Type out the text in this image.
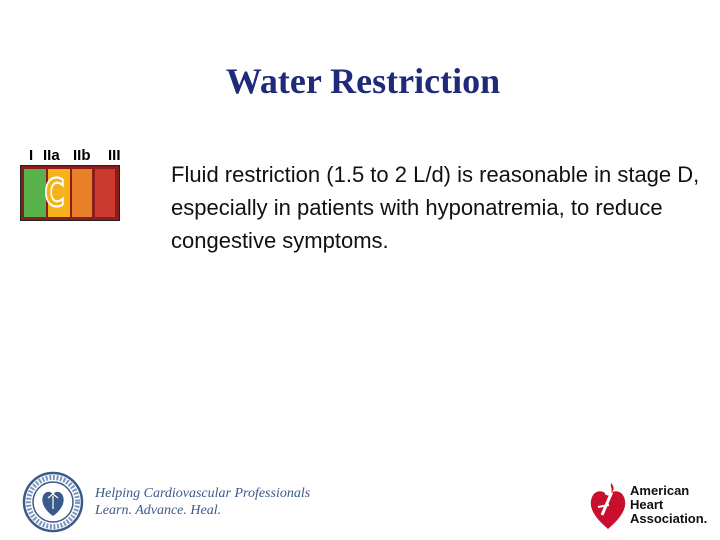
Water Restriction
I IIa IIb III
C	Fluid restriction (1.5 to 2 L/d) is reasonable in stage D, especially in patients with hyponatremia, to reduce congestive symptoms.
Helping Cardiovascular Professionals
Learn. Advance. Heal.
American
Heart
Association.
